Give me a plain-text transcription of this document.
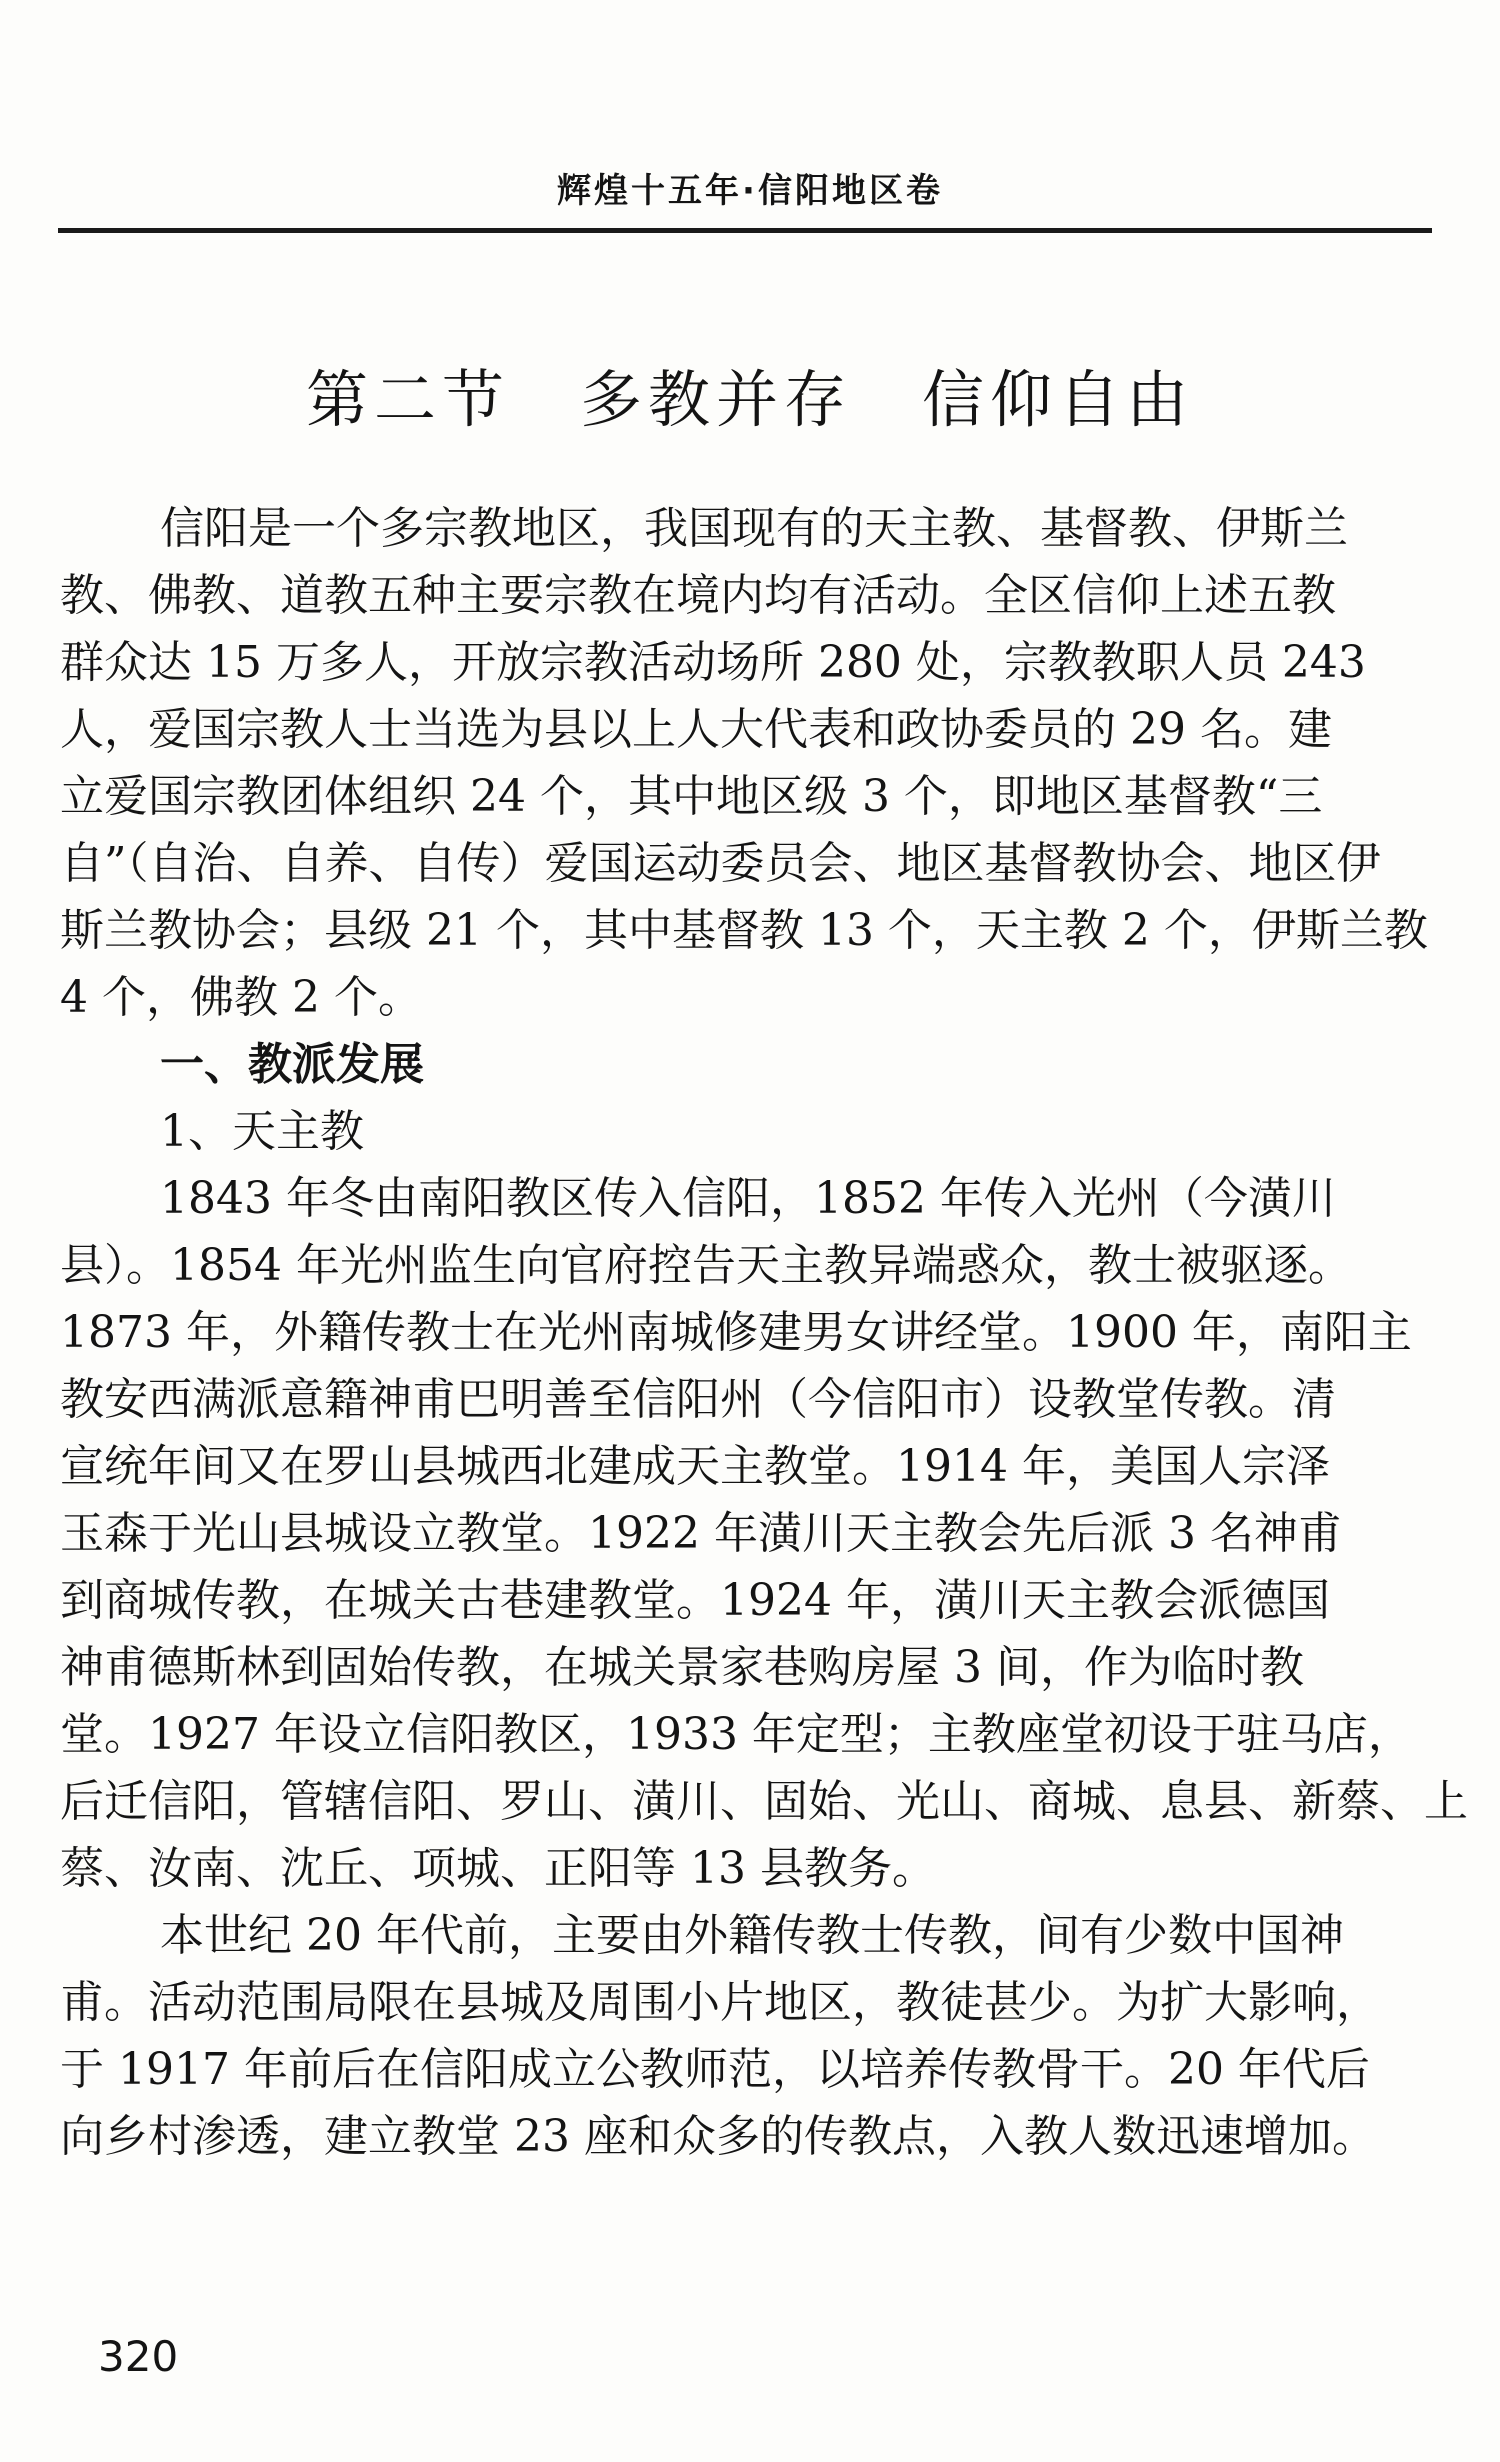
辉煌十五年·信阳地区卷
第二节 多教并存 信仰自由
信阳是一个多宗教地区，我国现有的天主教、基督教、伊斯兰
教、佛教、道教五种主要宗教在境内均有活动。全区信仰上述五教
群众达 15 万多人，开放宗教活动场所 280 处，宗教教职人员 243
人，爱国宗教人士当选为县以上人大代表和政协委员的 29 名。建
立爱国宗教团体组织 24 个，其中地区级 3 个，即地区基督教“三
自”（自治、自养、自传）爱国运动委员会、地区基督教协会、地区伊
斯兰教协会；县级 21 个，其中基督教 13 个，天主教 2 个，伊斯兰教
4 个，佛教 2 个。
一、教派发展
1、天主教
1843 年冬由南阳教区传入信阳，1852 年传入光州（今潢川
县）。1854 年光州监生向官府控告天主教异端惑众，教士被驱逐。
1873 年，外籍传教士在光州南城修建男女讲经堂。1900 年，南阳主
教安西满派意籍神甫巴明善至信阳州（今信阳市）设教堂传教。清
宣统年间又在罗山县城西北建成天主教堂。1914 年，美国人宗泽
玉森于光山县城设立教堂。1922 年潢川天主教会先后派 3 名神甫
到商城传教，在城关古巷建教堂。1924 年，潢川天主教会派德国
神甫德斯林到固始传教，在城关景家巷购房屋 3 间，作为临时教
堂。1927 年设立信阳教区，1933 年定型；主教座堂初设于驻马店，
后迁信阳，管辖信阳、罗山、潢川、固始、光山、商城、息县、新蔡、上
蔡、汝南、沈丘、项城、正阳等 13 县教务。
本世纪 20 年代前，主要由外籍传教士传教，间有少数中国神
甫。活动范围局限在县城及周围小片地区，教徒甚少。为扩大影响，
于 1917 年前后在信阳成立公教师范，以培养传教骨干。20 年代后
向乡村渗透，建立教堂 23 座和众多的传教点，入教人数迅速增加。
320
